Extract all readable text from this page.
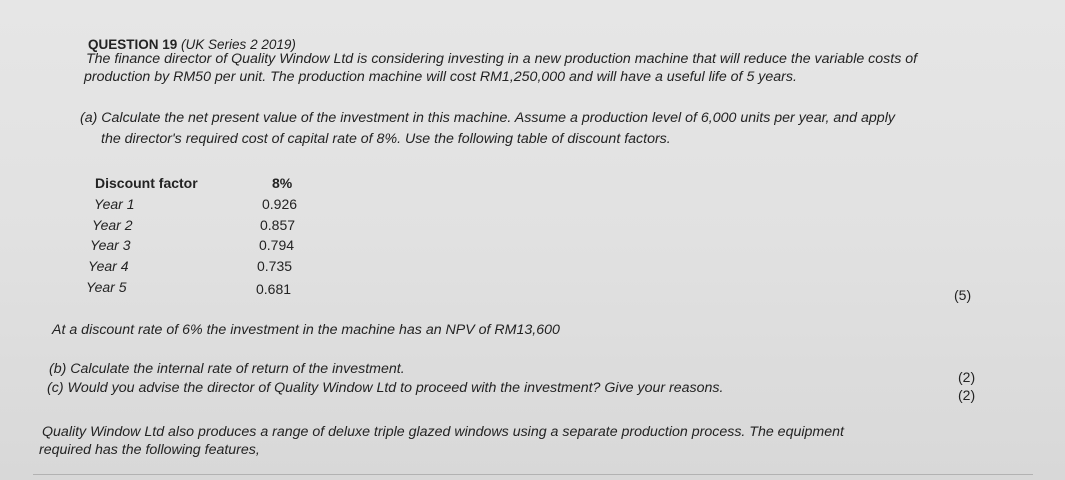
QUESTION 19 (UK Series 2 2019)
The finance director of Quality Window Ltd is considering investing in a new production machine that will reduce the variable costs of
production by RM50 per unit. The production machine will cost RM1,250,000 and will have a useful life of 5 years.
(a) Calculate the net present value of the investment in this machine. Assume a production level of 6,000 units per year, and apply
the director's required cost of capital rate of 8%. Use the following table of discount factors.
Discount factor	8%
Year 1	0.926
Year 2	0.857
Year 3	0.794
Year 4	0.735
Year 5	0.681	(5)
At a discount rate of 6% the investment in the machine has an NPV of RM13,600
(b) Calculate the internal rate of return of the investment.	(2)
(c) Would you advise the director of Quality Window Ltd to proceed with the investment? Give your reasons.	(2)
Quality Window Ltd also produces a range of deluxe triple glazed windows using a separate production process. The equipment
required has the following features,
